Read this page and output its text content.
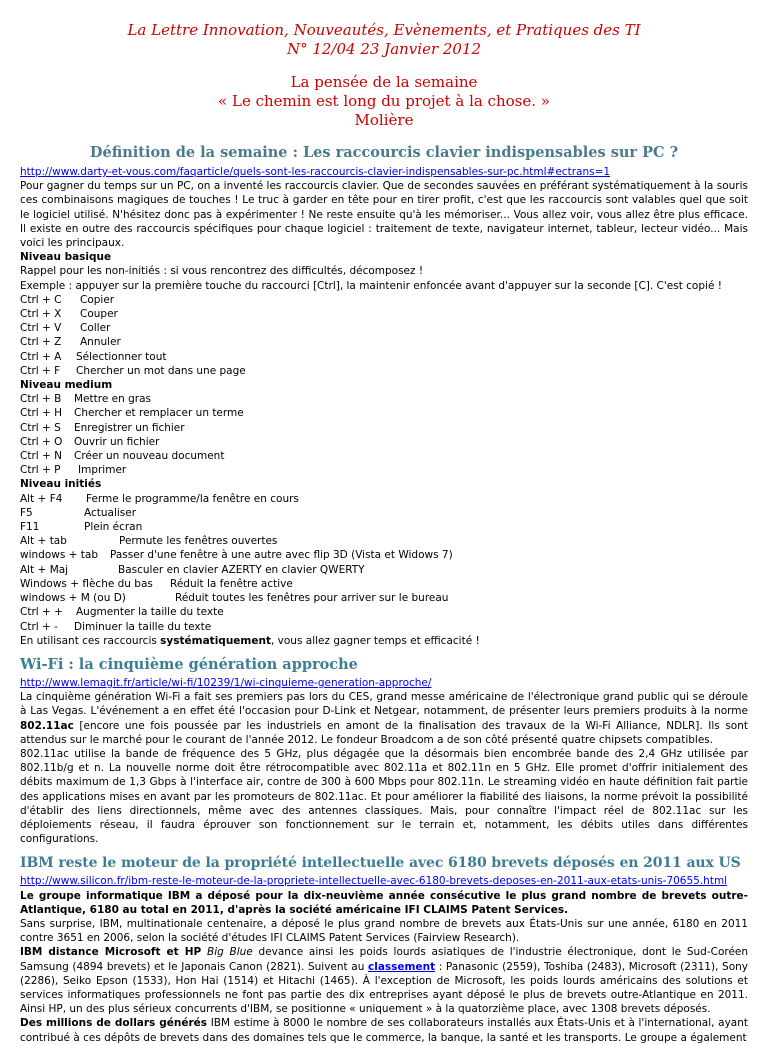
La Lettre Innovation, Nouveautés, Evènements, et Pratiques des TI
N° 12/04 23 Janvier 2012
La pensée de la semaine
« Le chemin est long du projet à la chose. »
Molière
Définition de la semaine : Les raccourcis clavier indispensables sur PC ?
http://www.darty-et-vous.com/faqarticle/quels-sont-les-raccourcis-clavier-indispensables-sur-pc.html#ectrans=1
Pour gagner du temps sur un PC, on a inventé les raccourcis clavier. Que de secondes sauvées en préférant systématiquement à la souris ces combinaisons magiques de touches ! Le truc à garder en tête pour en tirer profit, c'est que les raccourcis sont valables quel que soit le logiciel utilisé. N'hésitez donc pas à expérimenter ! Ne reste ensuite qu'à les mémoriser... Vous allez voir, vous allez être plus efficace. Il existe en outre des raccourcis spécifiques pour chaque logiciel : traitement de texte, navigateur internet, tableur, lecteur vidéo... Mais voici les principaux.
Niveau basique
Rappel pour les non-initiés : si vous rencontrez des difficultés, décomposez !
Exemple : appuyer sur la première touche du raccourci [Ctrl], la maintenir enfoncée avant d'appuyer sur la seconde [C]. C'est copié !
Ctrl + C Copier
Ctrl + X Couper
Ctrl + V Coller
Ctrl + Z Annuler
Ctrl + A Sélectionner tout
Ctrl + F Chercher un mot dans une page
Niveau medium
Ctrl + B Mettre en gras
Ctrl + H Chercher et remplacer un terme
Ctrl + S Enregistrer un fichier
Ctrl + O Ouvrir un fichier
Ctrl + N Créer un nouveau document
Ctrl + P Imprimer
Niveau initiés
Alt + F4 Ferme le programme/la fenêtre en cours
F5	Actualiser
F11	Plein écran
Alt + tab	Permute les fenêtres ouvertes
windows + tab Passer d'une fenêtre à une autre avec flip 3D (Vista et Widows 7)
Alt + Maj	Basculer en clavier AZERTY en clavier QWERTY
Windows + flèche du bas Réduit la fenêtre active
windows + M (ou D)	Réduit toutes les fenêtres pour arriver sur le bureau
Ctrl + + Augmenter la taille du texte
Ctrl + - Diminuer la taille du texte
En utilisant ces raccourcis systématiquement, vous allez gagner temps et efficacité !
Wi-Fi : la cinquième génération approche
http://www.lemagit.fr/article/wi-fi/10239/1/wi-cinquieme-generation-approche/
La cinquième génération Wi-Fi a fait ses premiers pas lors du CES, grand messe américaine de l'électronique grand public qui se déroule à Las Vegas. L'événement a en effet été l'occasion pour D-Link et Netgear, notamment, de présenter leurs premiers produits à la norme 802.11ac [encore une fois poussée par les industriels en amont de la finalisation des travaux de la Wi-Fi Alliance, NDLR]. Ils sont attendus sur le marché pour le courant de l'année 2012. Le fondeur Broadcom a de son côté présenté quatre chipsets compatibles.
802.11ac utilise la bande de fréquence des 5 GHz, plus dégagée que la désormais bien encombrée bande des 2,4 GHz utilisée par 802.11b/g et n. La nouvelle norme doit être rétrocompatible avec 802.11a et 802.11n en 5 GHz. Elle promet d'offrir initialement des débits maximum de 1,3 Gbps à l'interface air, contre de 300 à 600 Mbps pour 802.11n. Le streaming vidéo en haute définition fait partie des applications mises en avant par les promoteurs de 802.11ac. Et pour améliorer la fiabilité des liaisons, la norme prévoit la possibilité d'établir des liens directionnels, même avec des antennes classiques. Mais, pour connaître l'impact réel de 802.11ac sur les déploiements réseau, il faudra éprouver son fonctionnement sur le terrain et, notamment, les débits utiles dans différentes configurations.
IBM reste le moteur de la propriété intellectuelle avec 6180 brevets déposés en 2011 aux US
http://www.silicon.fr/ibm-reste-le-moteur-de-la-propriete-intellectuelle-avec-6180-brevets-deposes-en-2011-aux-etats-unis-70655.html
Le groupe informatique IBM a déposé pour la dix-neuvième année consécutive le plus grand nombre de brevets outre-Atlantique, 6180 au total en 2011, d'après la société américaine IFI CLAIMS Patent Services.
Sans surprise, IBM, multinationale centenaire, a déposé le plus grand nombre de brevets aux États-Unis sur une année, 6180 en 2011 contre 3651 en 2006, selon la société d'études IFI CLAIMS Patent Services (Fairview Research).
IBM distance Microsoft et HP Big Blue devance ainsi les poids lourds asiatiques de l'industrie électronique, dont le Sud-Coréen Samsung (4894 brevets) et le Japonais Canon (2821). Suivent au classement : Panasonic (2559), Toshiba (2483), Microsoft (2311), Sony (2286), Seiko Epson (1533), Hon Hai (1514) et Hitachi (1465). À l'exception de Microsoft, les poids lourds américains des solutions et services informatiques professionnels ne font pas partie des dix entreprises ayant déposé le plus de brevets outre-Atlantique en 2011. Ainsi HP, un des plus sérieux concurrents d'IBM, se positionne « uniquement » à la quatorzième place, avec 1308 brevets déposés.
Des millions de dollars générés IBM estime à 8000 le nombre de ses collaborateurs installés aux États-Unis et à l'international, ayant contribué à ces dépôts de brevets dans des domaines tels que le commerce, la banque, la santé et les transports. Le groupe a également
